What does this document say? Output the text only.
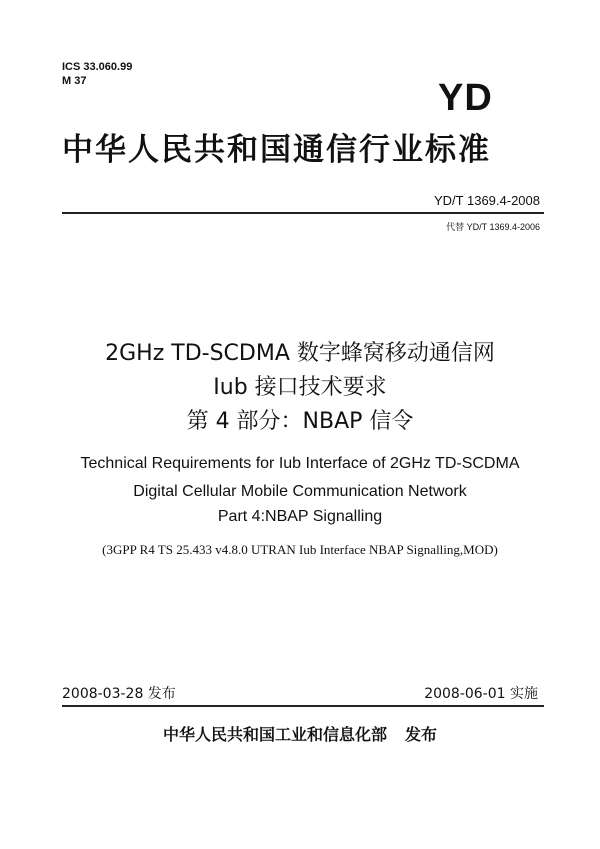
ICS 33.060.99
M 37	YD
中华人民共和国通信行业标准
YD/T 1369.4-2008
代替 YD/T 1369.4-2006
2GHz TD-SCDMA 数字蜂窝移动通信网
Iub 接口技术要求
第 4 部分：NBAP 信令
Technical Requirements for Iub Interface of 2GHz TD-SCDMA
Digital Cellular Mobile Communication Network
Part 4:NBAP Signalling
(3GPP R4 TS 25.433 v4.8.0 UTRAN Iub Interface NBAP Signalling,MOD)
2008-03-28 发布	2008-06-01 实施
中华人民共和国工业和信息化部 发布
